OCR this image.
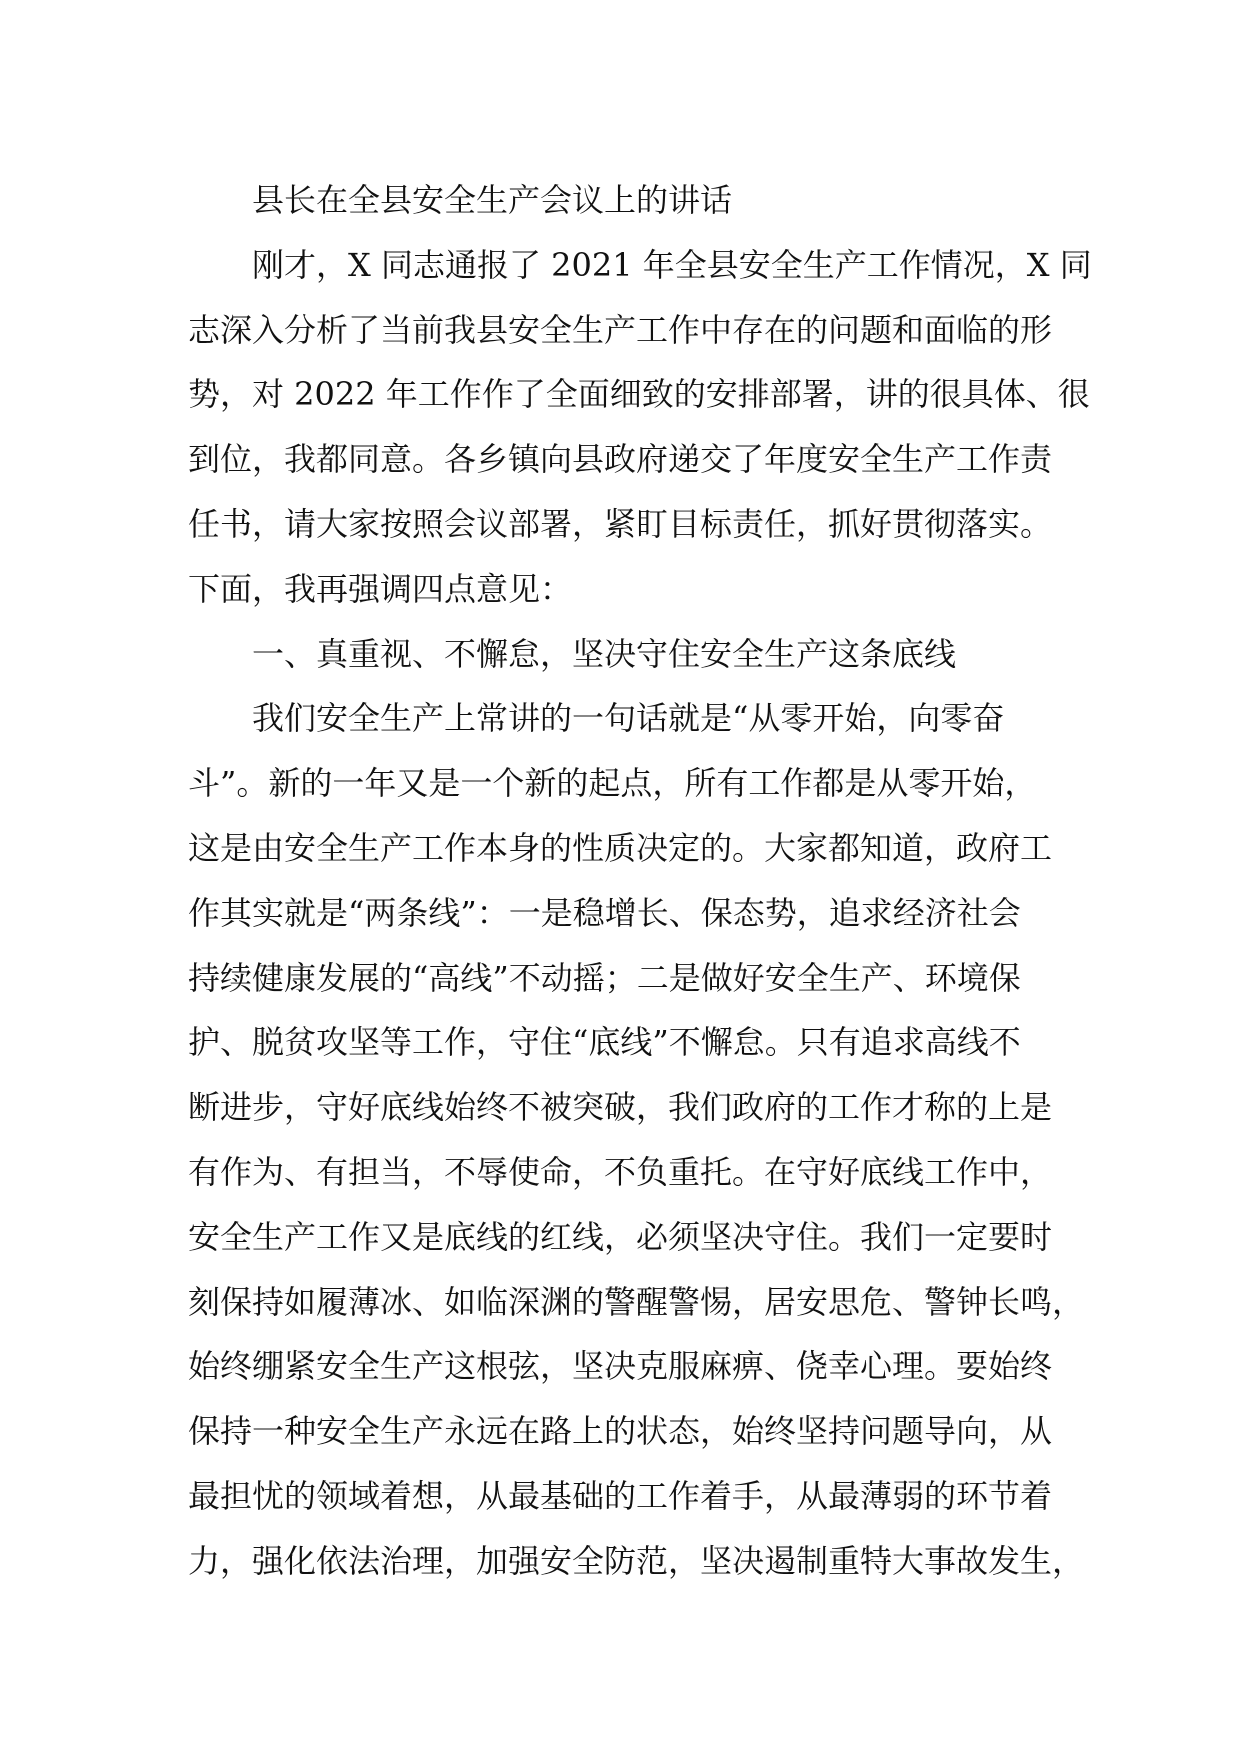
县长在全县安全生产会议上的讲话
刚才，X 同志通报了 2021 年全县安全生产工作情况，X 同
志深入分析了当前我县安全生产工作中存在的问题和面临的形
势，对 2022 年工作作了全面细致的安排部署，讲的很具体、很
到位，我都同意。各乡镇向县政府递交了年度安全生产工作责
任书，请大家按照会议部署，紧盯目标责任，抓好贯彻落实。
下面，我再强调四点意见：
一、真重视、不懈怠，坚决守住安全生产这条底线
我们安全生产上常讲的一句话就是“从零开始，向零奋
斗”。新的一年又是一个新的起点，所有工作都是从零开始，
这是由安全生产工作本身的性质决定的。大家都知道，政府工
作其实就是“两条线”：一是稳增长、保态势，追求经济社会
持续健康发展的“高线”不动摇；二是做好安全生产、环境保
护、脱贫攻坚等工作，守住“底线”不懈怠。只有追求高线不
断进步，守好底线始终不被突破，我们政府的工作才称的上是
有作为、有担当，不辱使命，不负重托。在守好底线工作中，
安全生产工作又是底线的红线，必须坚决守住。我们一定要时
刻保持如履薄冰、如临深渊的警醒警惕，居安思危、警钟长鸣，
始终绷紧安全生产这根弦，坚决克服麻痹、侥幸心理。要始终
保持一种安全生产永远在路上的状态，始终坚持问题导向，从
最担忧的领域着想，从最基础的工作着手，从最薄弱的环节着
力，强化依法治理，加强安全防范，坚决遏制重特大事故发生，
